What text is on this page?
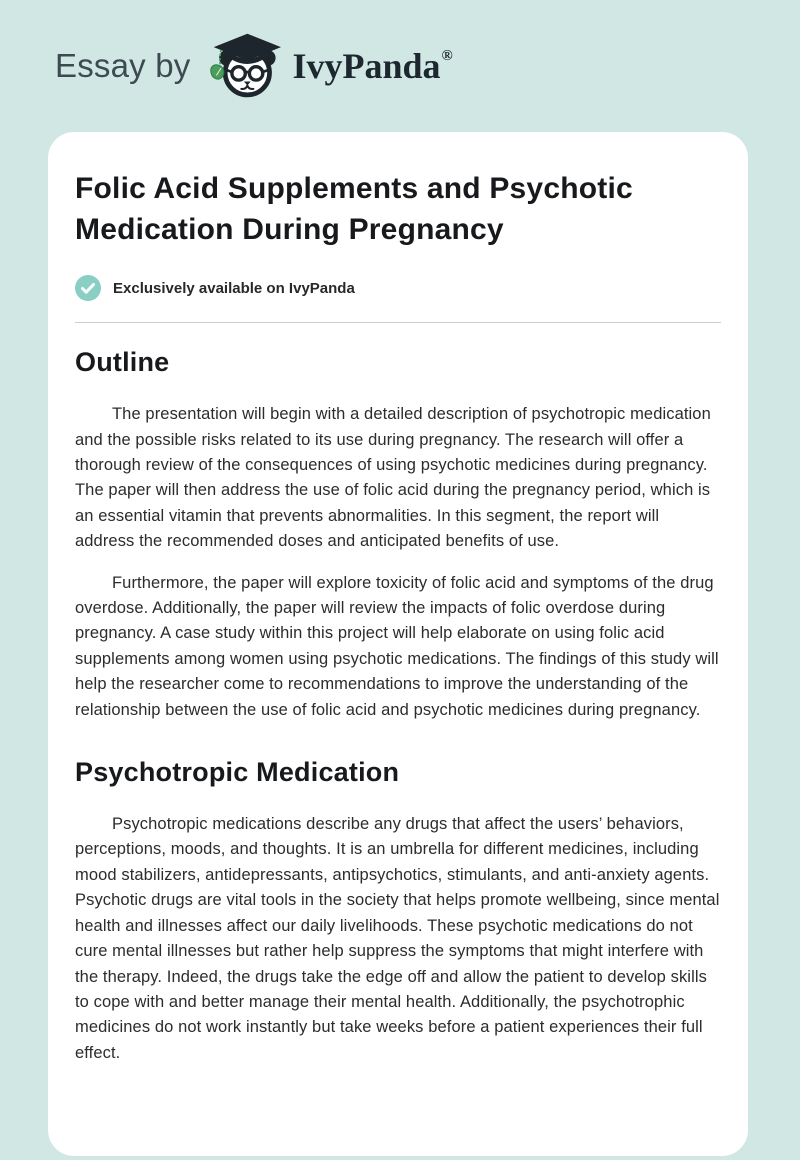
Essay by	IvyPanda®
Folic Acid Supplements and Psychotic Medication During Pregnancy
Exclusively available on IvyPanda
Outline

The presentation will begin with a detailed description of psychotropic medication and the possible risks related to its use during pregnancy. The research will offer a thorough review of the consequences of using psychotic medicines during pregnancy. The paper will then address the use of folic acid during the pregnancy period, which is an essential vitamin that prevents abnormalities. In this segment, the report will address the recommended doses and anticipated benefits of use.

Furthermore, the paper will explore toxicity of folic acid and symptoms of the drug overdose. Additionally, the paper will review the impacts of folic overdose during pregnancy. A case study within this project will help elaborate on using folic acid supplements among women using psychotic medications. The findings of this study will help the researcher come to recommendations to improve the understanding of the relationship between the use of folic acid and psychotic medicines during pregnancy.

Psychotropic Medication

Psychotropic medications describe any drugs that affect the users’ behaviors, perceptions, moods, and thoughts. It is an umbrella for different medicines, including mood stabilizers, antidepressants, antipsychotics, stimulants, and anti-anxiety agents. Psychotic drugs are vital tools in the society that helps promote wellbeing, since mental health and illnesses affect our daily livelihoods. These psychotic medications do not cure mental illnesses but rather help suppress the symptoms that might interfere with the therapy. Indeed, the drugs take the edge off and allow the patient to develop skills to cope with and better manage their mental health. Additionally, the psychotrophic medicines do not work instantly but take weeks before a patient experiences their full effect.
